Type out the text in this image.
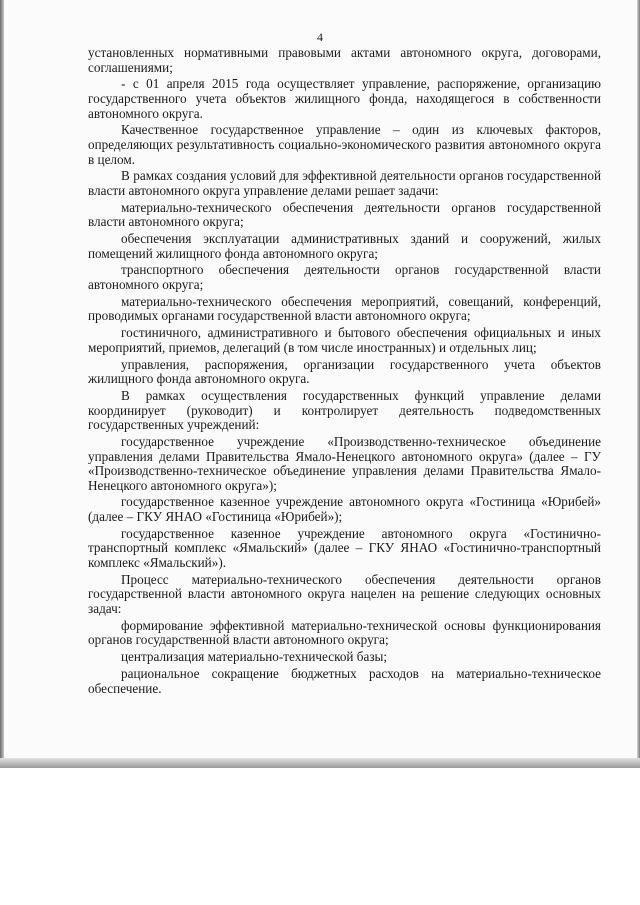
4

установленных нормативными правовыми актами автономного округа, договорами, соглашениями;

- с 01 апреля 2015 года осуществляет управление, распоряжение, организацию государственного учета объектов жилищного фонда, находящегося в собственности автономного округа.

Качественное государственное управление – один из ключевых факторов, определяющих результативность социально-экономического развития автономного округа в целом.

В рамках создания условий для эффективной деятельности органов государственной власти автономного округа управление делами решает задачи:

материально-технического обеспечения деятельности органов государственной власти автономного округа;

обеспечения эксплуатации административных зданий и сооружений, жилых помещений жилищного фонда автономного округа;

транспортного обеспечения деятельности органов государственной власти автономного округа;

материально-технического обеспечения мероприятий, совещаний, конференций, проводимых органами государственной власти автономного округа;

гостиничного, административного и бытового обеспечения официальных и иных мероприятий, приемов, делегаций (в том числе иностранных) и отдельных лиц;

управления, распоряжения, организации государственного учета объектов жилищного фонда автономного округа.

В рамках осуществления государственных функций управление делами координирует (руководит) и контролирует деятельность подведомственных государственных учреждений:

государственное учреждение «Производственно-техническое объединение управления делами Правительства Ямало-Ненецкого автономного округа» (далее – ГУ «Производственно-техническое объединение управления делами Правительства Ямало-Ненецкого автономного округа»);

государственное казенное учреждение автономного округа «Гостиница «Юрибей» (далее – ГКУ ЯНАО «Гостиница «Юрибей»);

государственное казенное учреждение автономного округа «Гостинично-транспортный комплекс «Ямальский» (далее – ГКУ ЯНАО «Гостинично-транспортный комплекс «Ямальский»).

Процесс материально-технического обеспечения деятельности органов государственной власти автономного округа нацелен на решение следующих основных задач:

формирование эффективной материально-технической основы функционирования органов государственной власти автономного округа;

централизация материально-технической базы;

рациональное сокращение бюджетных расходов на материально-техническое обеспечение.
